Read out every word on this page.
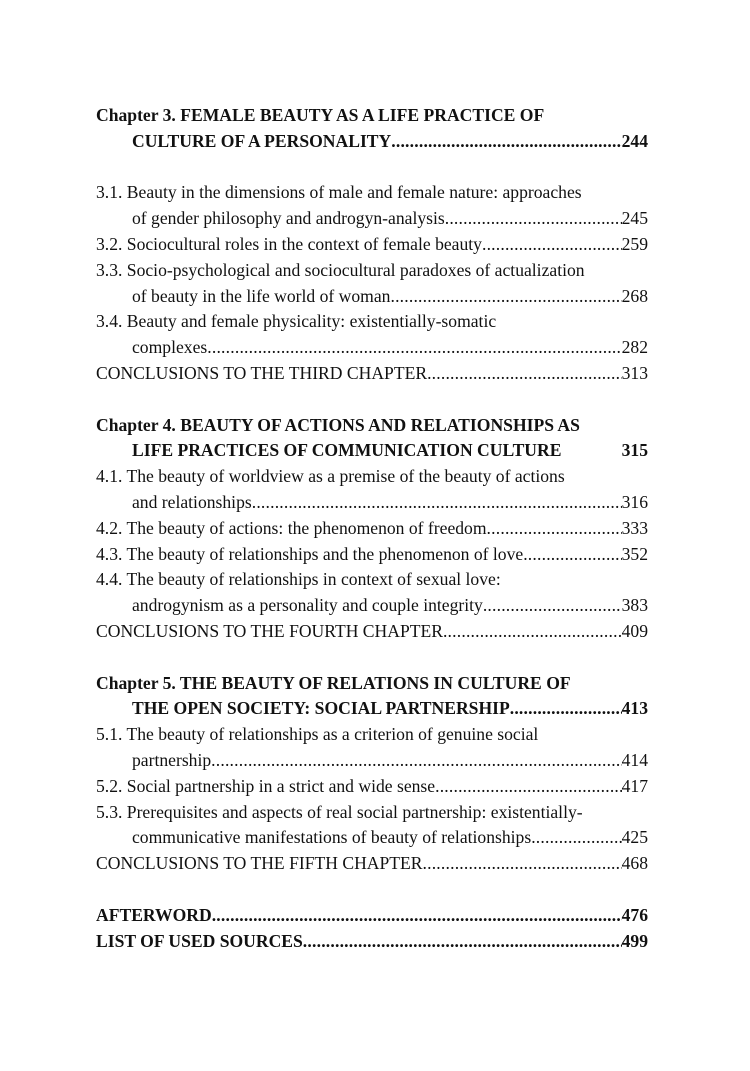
Chapter 3. FEMALE BEAUTY AS A LIFE PRACTICE OF
CULTURE OF A PERSONALITY .....	244
3.1. Beauty in the dimensions of male and female nature: approaches
of gender philosophy and androgyn-analysis .....	245
3.2. Sociocultural roles in the context of female beauty .....	259
3.3. Socio-psychological and sociocultural paradoxes of actualization
of beauty in the life world of woman .....	268
3.4. Beauty and female physicality: existentially-somatic
complexes .....	282
CONCLUSIONS TO THE THIRD CHAPTER .....	313
Chapter 4. BEAUTY OF ACTIONS AND RELATIONSHIPS AS
LIFE PRACTICES OF COMMUNICATION CULTURE	315
4.1. The beauty of worldview as a premise of the beauty of actions
and relationships .....	316
4.2. The beauty of actions: the phenomenon of freedom .....	333
4.3. The beauty of relationships and the phenomenon of love .....	352
4.4. The beauty of relationships in context of sexual love:
androgynism as a personality and couple integrity .....	383
CONCLUSIONS TO THE FOURTH CHAPTER .....	409
Chapter 5. THE BEAUTY OF RELATIONS IN CULTURE OF
THE OPEN SOCIETY: SOCIAL PARTNERSHIP .....	413
5.1. The beauty of relationships as a criterion of genuine social
partnership .....	414
5.2. Social partnership in a strict and wide sense .....	417
5.3. Prerequisites and aspects of real social partnership: existentially-
communicative manifestations of beauty of relationships .....	425
CONCLUSIONS TO THE FIFTH CHAPTER .....	468
AFTERWORD .....	476
LIST OF USED SOURCES .....	499
